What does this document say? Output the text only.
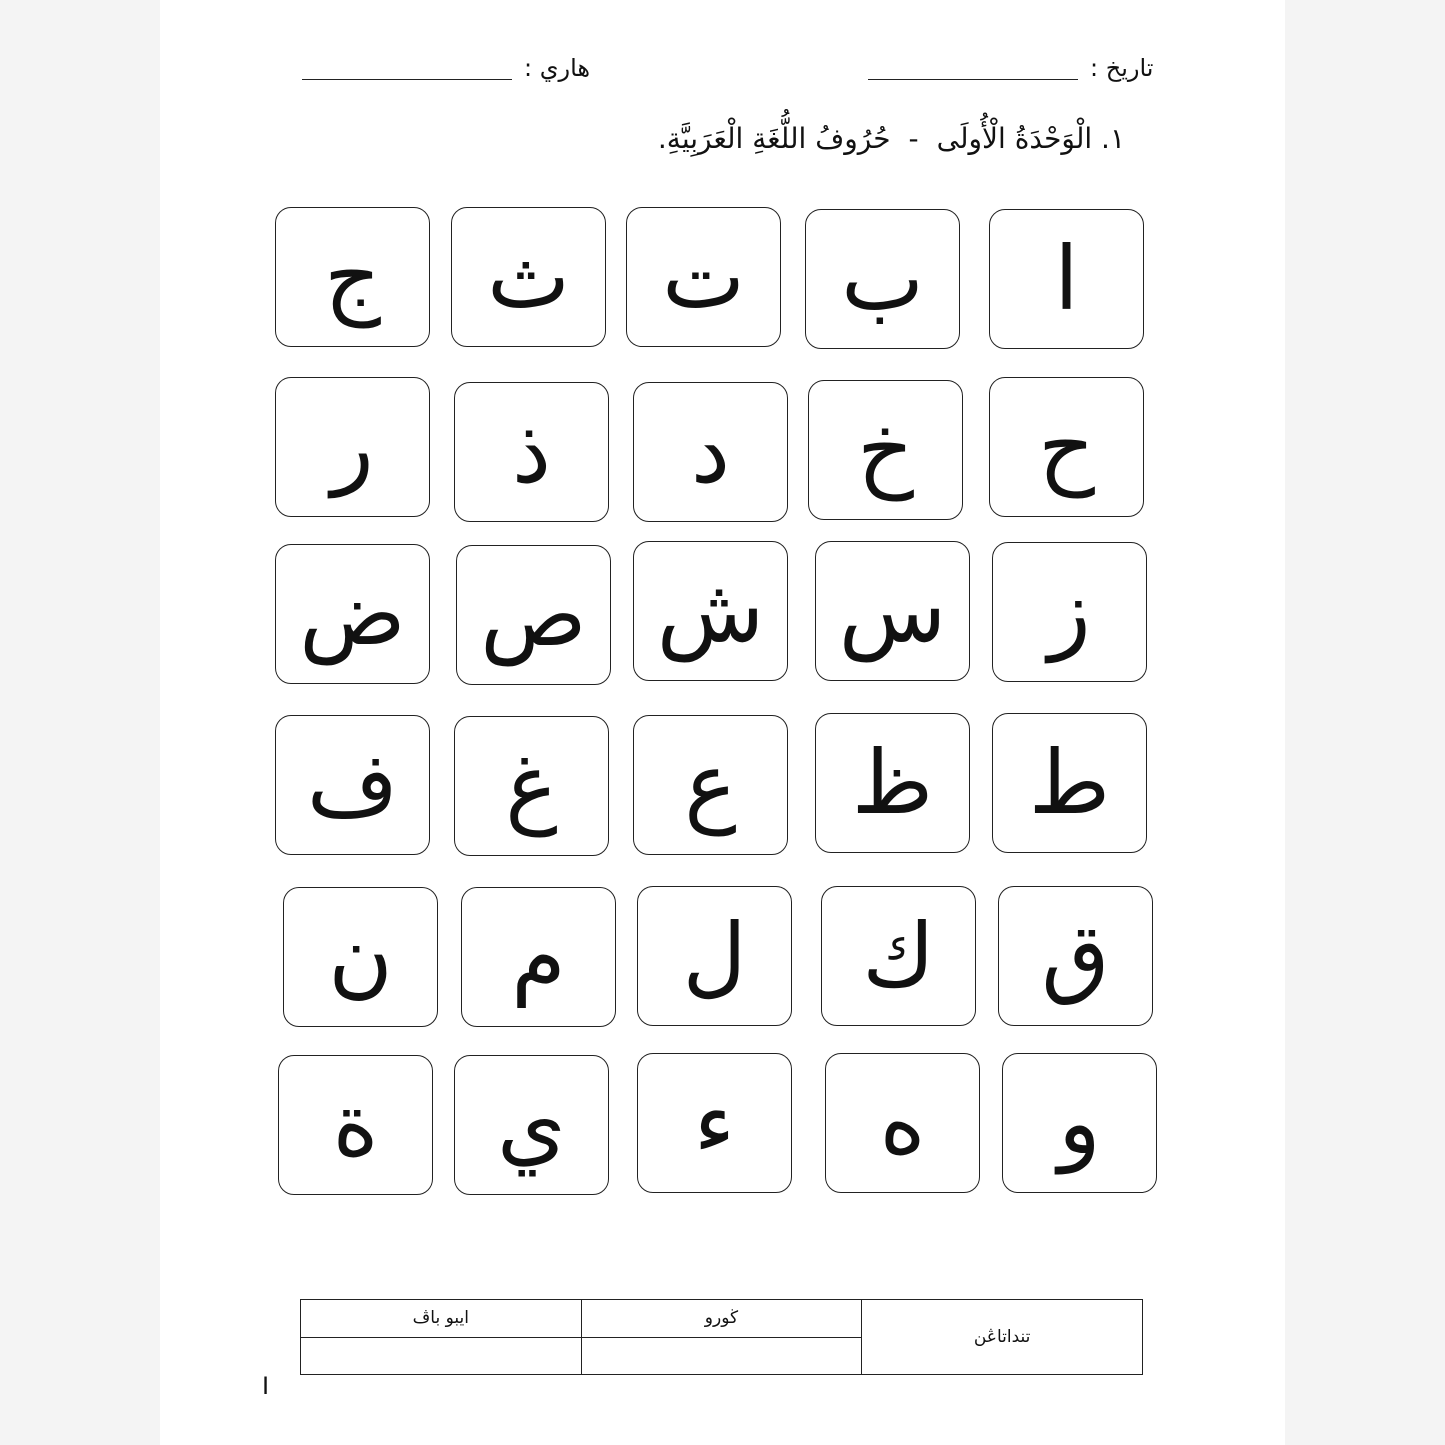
تاريخ :
هاري :
١. الْوَحْدَةُ الْأُولَى-حُرُوفُ اللُّغَةِ الْعَرَبِيَّةِ.
ا
ب
ت
ث
ج
ح
خ
د
ذ
ر
ز
س
ش
ص
ض
ط
ظ
ع
غ
ف
ق
ك
ل
م
ن
و
ه
ء
ي
ة
تنداتاڠن	ڬورو	ايبو باڤ

I
